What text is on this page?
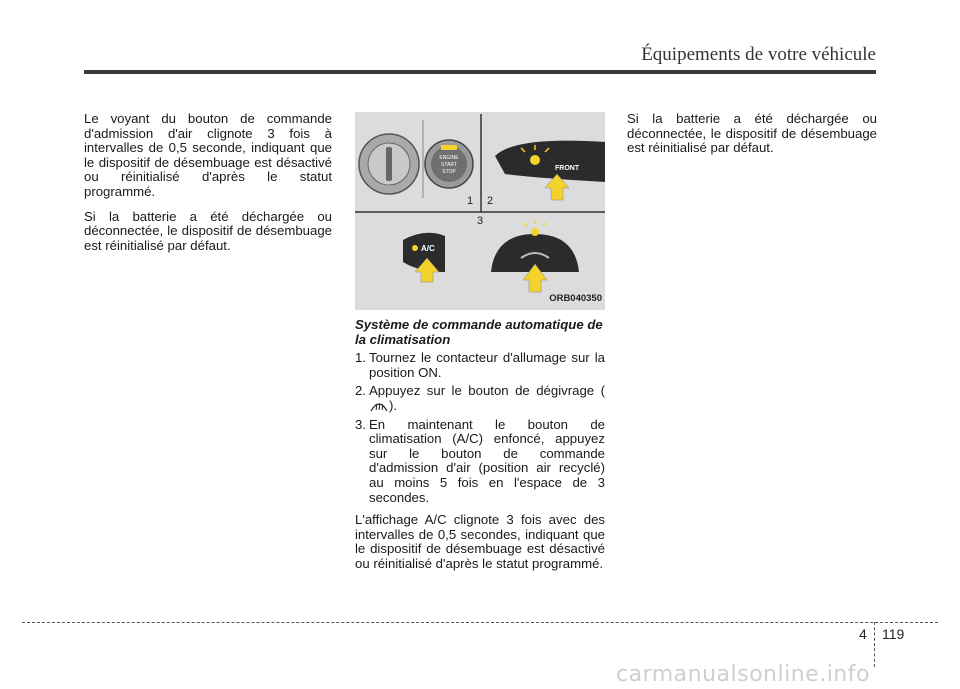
Équipements de votre véhicule

Le voyant du bouton de commande d'admission d'air clignote 3 fois à intervalles de 0,5 seconde, indiquant que le dispositif de désembuage est désactivé ou réinitialisé d'après le statut programmé.

Si la batterie a été déchargée ou déconnectée, le dispositif de désembuage est réinitialisé par défaut.

ENGINE
START
STOP	FRONT
1 2
3
A/C
ORB040350
Système de commande automatique de la climatisation
1. Tournez le contacteur d'allumage sur la position ON.
2. Appuyez sur le bouton de dégivrage ().
3. En maintenant le bouton de climatisation (A/C) enfoncé, appuyez sur le bouton de commande d'admission d'air (position air recyclé) au moins 5 fois en l'espace de 3 secondes.

L'affichage A/C clignote 3 fois avec des intervalles de 0,5 secondes, indiquant que le dispositif de désembuage est désactivé ou réinitialisé d'après le statut programmé.

Si la batterie a été déchargée ou déconnectée, le dispositif de désembuage est réinitialisé par défaut.

4 119
carmanualsonline.info
